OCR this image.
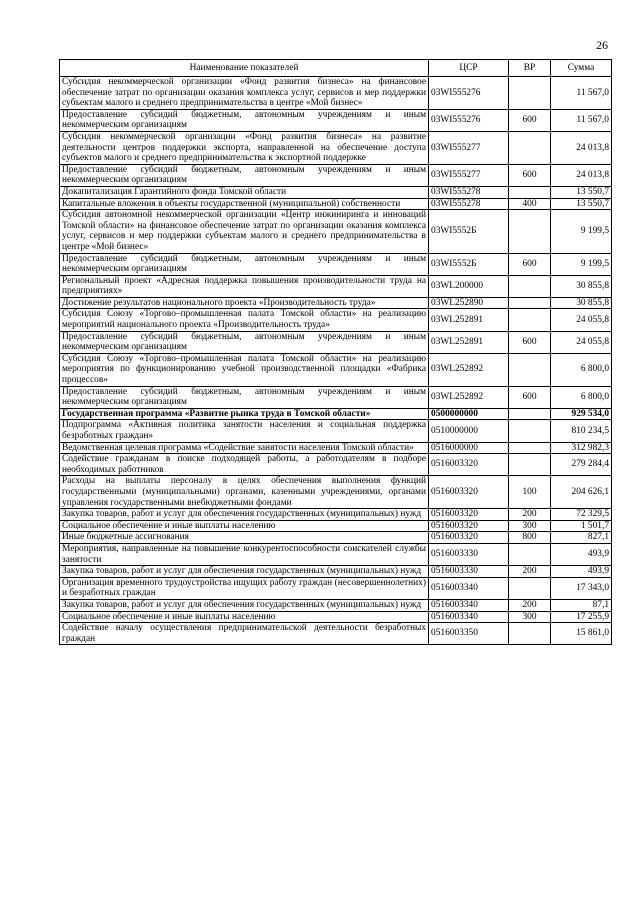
26
Наименование показателей	ЦСР	ВР	Сумма
Субсидия некоммерческой организации «Фонд развития бизнеса» на финансовое обеспечение затрат по организации оказания комплекса услуг, сервисов и мер поддержки субъектам малого и среднего предпринимательства в центре «Мой бизнес»	03WI555276		11 567,0
Предоставление субсидий бюджетным, автономным учреждениям и иным некоммерческим организациям	03WI555276	600	11 567,0
Субсидия некоммерческой организации «Фонд развития бизнеса» на развитие деятельности центров поддержки экспорта, направленной на обеспечение доступа субъектов малого и среднего предпринимательства к экспортной поддержке	03WI555277		24 013,8
Предоставление субсидий бюджетным, автономным учреждениям и иным некоммерческим организациям	03WI555277	600	24 013,8
Докапитализация Гарантийного фонда Томской области	03WI555278		13 550,7
Капитальные вложения в объекты государственной (муниципальной) собственности	03WI555278	400	13 550,7
Субсидия автономной некоммерческой организации «Центр инжиниринга и инноваций Томской области» на финансовое обеспечение затрат по организации оказания комплекса услуг, сервисов и мер поддержки субъектам малого и среднего предпринимательства в центре «Мой бизнес»	03WI5552Б		9 199,5
Предоставление субсидий бюджетным, автономным учреждениям и иным некоммерческим организациям	03WI5552Б	600	9 199,5
Региональный проект «Адресная поддержка повышения производительности труда на предприятиях»	03WL200000		30 855,8
Достижение результатов национального проекта «Производительность труда»	03WL252890		30 855,8
Субсидия Союзу «Торгово–промышленная палата Томской области» на реализацию мероприятий национального проекта «Производительность труда»	03WL252891		24 055,8
Предоставление субсидий бюджетным, автономным учреждениям и иным некоммерческим организациям	03WL252891	600	24 055,8
Субсидия Союзу «Торгово–промышленная палата Томской области» на реализацию мероприятия по функционированию учебной производственной площадки «Фабрика процессов»	03WL252892		6 800,0
Предоставление субсидий бюджетным, автономным учреждениям и иным некоммерческим организациям	03WL252892	600	6 800,0
Государственная программа «Развитие рынка труда в Томской области»	0500000000		929 534,0
Подпрограмма «Активная политика занятости населения и социальная поддержка безработных граждан»	0510000000		810 234,5
Ведомственная целевая программа «Содействие занятости населения Томской области»	0516000000		312 982,3
Содействие гражданам в поиске подходящей работы, а работодателям в подборе необходимых работников	0516003320		279 284,4
Расходы на выплаты персоналу в целях обеспечения выполнения функций государственными (муниципальными) органами, казенными учреждениями, органами управления государственными внебюджетными фондами	0516003320	100	204 626,1
Закупка товаров, работ и услуг для обеспечения государственных (муниципальных) нужд	0516003320	200	72 329,5
Социальное обеспечение и иные выплаты населению	0516003320	300	1 501,7
Иные бюджетные ассигнования	0516003320	800	827,1
Мероприятия, направленные на повышение конкурентоспособности соискателей службы занятости	0516003330		493,9
Закупка товаров, работ и услуг для обеспечения государственных (муниципальных) нужд	0516003330	200	493,9
Организация временного трудоустройства ищущих работу граждан (несовершеннолетних) и безработных граждан	0516003340		17 343,0
Закупка товаров, работ и услуг для обеспечения государственных (муниципальных) нужд	0516003340	200	87,1
Социальное обеспечение и иные выплаты населению	0516003340	300	17 255,9
Содействие началу осуществления предпринимательской деятельности безработных граждан	0516003350		15 861,0
